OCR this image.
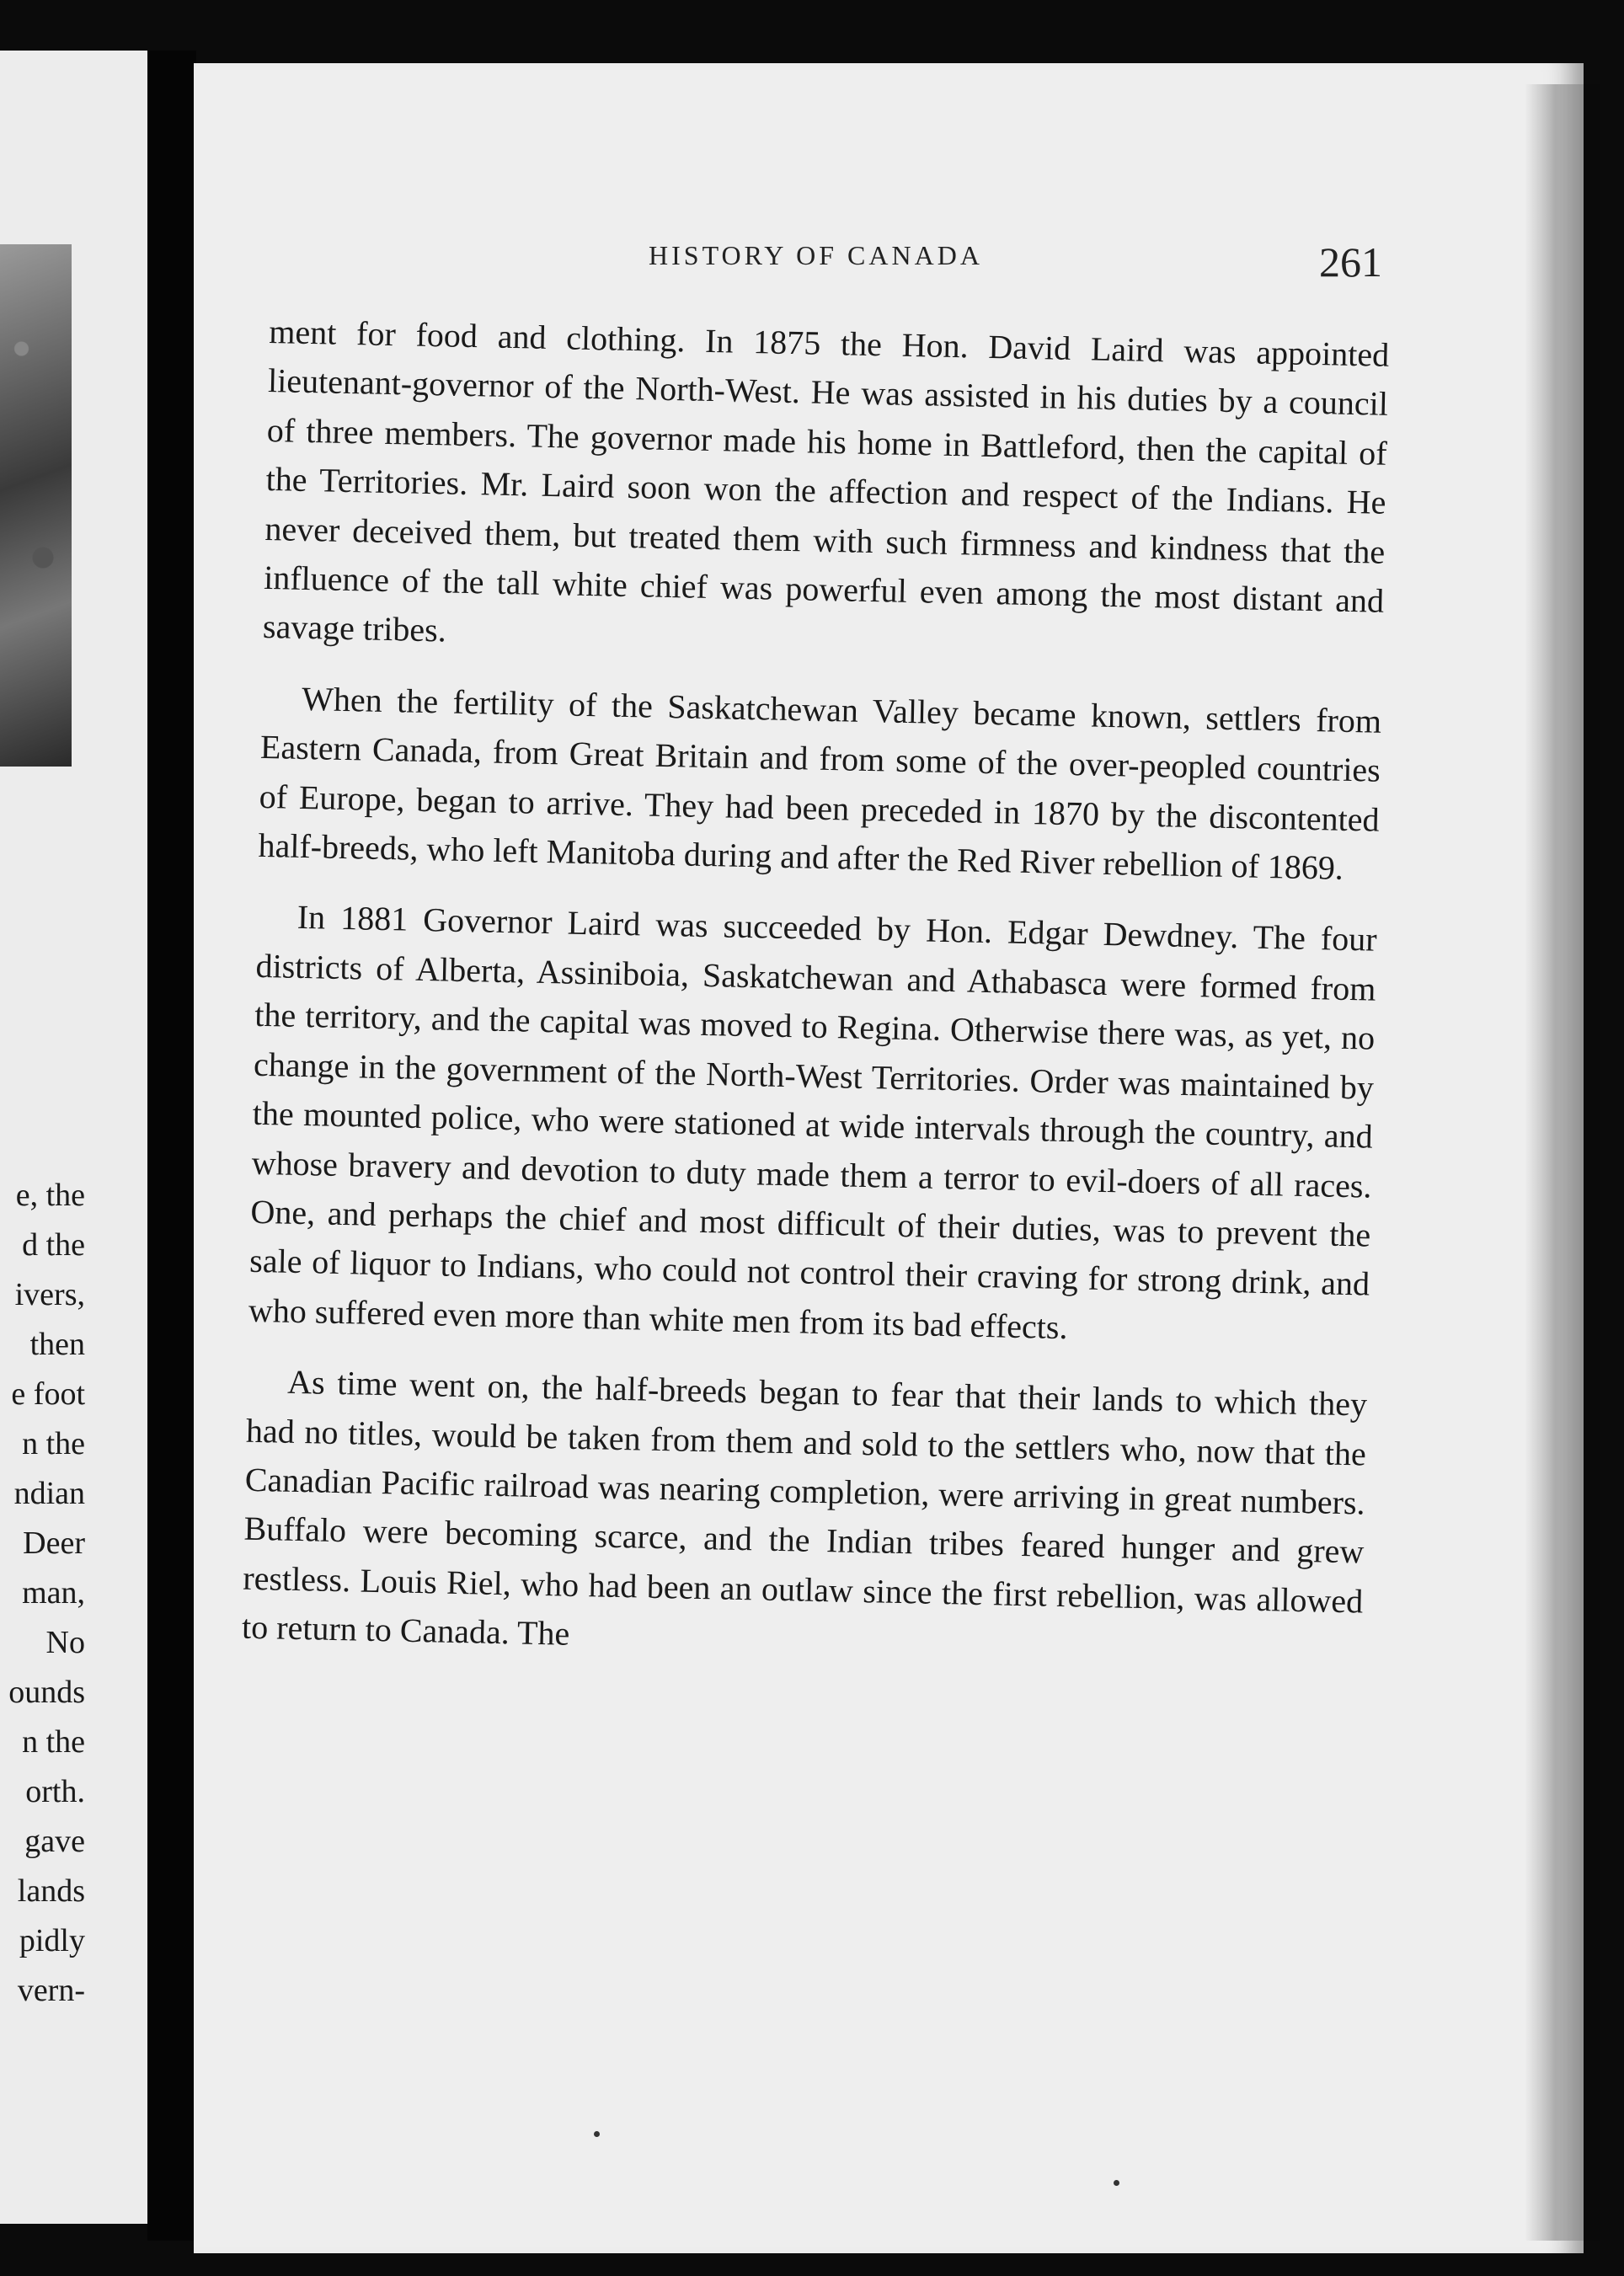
e, the
d the
ivers,
then
e foot
n the
ndian
Deer
man,
No
ounds
n the
orth.
gave
lands
pidly
vern-
HISTORY OF CANADA	261

ment for food and clothing. In 1875 the Hon. David Laird was appointed lieutenant-governor of the North-West. He was assisted in his duties by a council of three members. The governor made his home in Battleford, then the capital of the Territories. Mr. Laird soon won the affection and respect of the Indians. He never deceived them, but treated them with such firmness and kindness that the influence of the tall white chief was powerful even among the most distant and savage tribes.

When the fertility of the Saskatchewan Valley became known, settlers from Eastern Canada, from Great Britain and from some of the over-peopled countries of Europe, began to arrive. They had been preceded in 1870 by the discontented half-breeds, who left Manitoba during and after the Red River rebellion of 1869.

In 1881 Governor Laird was succeeded by Hon. Edgar Dewdney. The four districts of Alberta, Assiniboia, Saskatchewan and Athabasca were formed from the territory, and the capital was moved to Regina. Otherwise there was, as yet, no change in the government of the North-West Territories. Order was maintained by the mounted police, who were stationed at wide intervals through the country, and whose bravery and devotion to duty made them a terror to evil-doers of all races. One, and perhaps the chief and most difficult of their duties, was to prevent the sale of liquor to Indians, who could not control their craving for strong drink, and who suffered even more than white men from its bad effects.

As time went on, the half-breeds began to fear that their lands to which they had no titles, would be taken from them and sold to the settlers who, now that the Canadian Pacific railroad was nearing completion, were arriving in great numbers. Buffalo were becoming scarce, and the Indian tribes feared hunger and grew restless. Louis Riel, who had been an outlaw since the first rebellion, was allowed to return to Canada. The
